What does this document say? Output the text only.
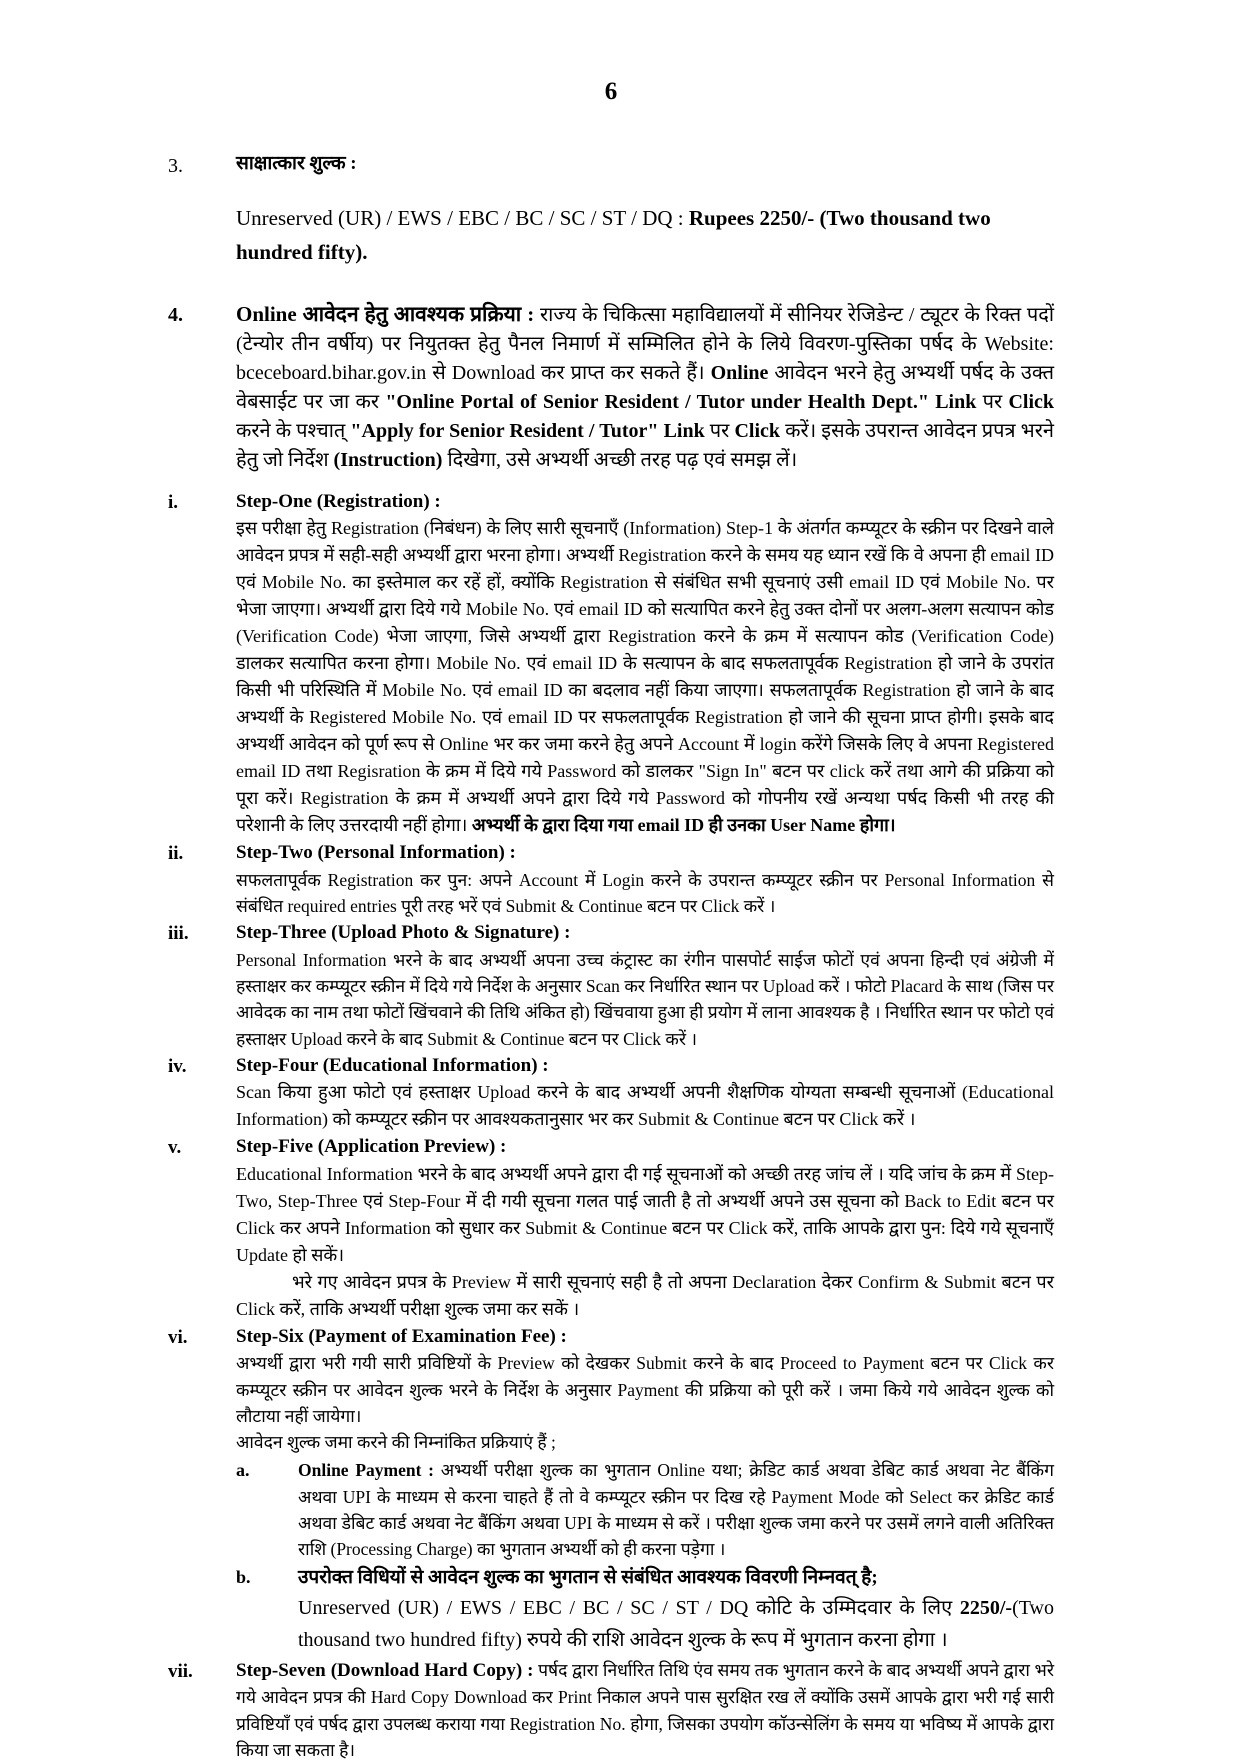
6
3.	साक्षात्कार शुल्क :

Unreserved (UR) / EWS / EBC / BC / SC / ST / DQ : Rupees 2250/- (Two thousand two hundred fifty).

4.	Online आवेदन हेतु आवश्यक प्रक्रिया : राज्य के चिकित्सा महाविद्यालयों में सीनियर रेजिडेन्ट / ट्यूटर के रिक्त पदों (टेन्योर तीन वर्षीय) पर नियुतक्त हेतु पैनल निमार्ण में सम्मिलित होने के लिये विवरण-पुस्तिका पर्षद के Website: bceceboard.bihar.gov.in से Download कर प्राप्त कर सकते हैं। Online आवेदन भरने हेतु अभ्यर्थी पर्षद के उक्त वेबसाईट पर जा कर "Online Portal of Senior Resident / Tutor under Health Dept." Link पर Click करने के पश्चात् "Apply for Senior Resident / Tutor" Link पर Click करें। इसके उपरान्त आवेदन प्रपत्र भरने हेतु जो निर्देश (Instruction) दिखेगा, उसे अभ्यर्थी अच्छी तरह पढ़ एवं समझ लें।

i.	Step-One (Registration) :

इस परीक्षा हेतु Registration (निबंधन) के लिए सारी सूचनाएँ (Information) Step-1 के अंतर्गत कम्प्यूटर के स्क्रीन पर दिखने वाले आवेदन प्रपत्र में सही-सही अभ्यर्थी द्वारा भरना होगा। अभ्यर्थी Registration करने के समय यह ध्यान रखें कि वे अपना ही email ID एवं Mobile No. का इस्तेमाल कर रहें हों, क्योंकि Registration से संबंधित सभी सूचनाएं उसी email ID एवं Mobile No. पर भेजा जाएगा। अभ्यर्थी द्वारा दिये गये Mobile No. एवं email ID को सत्यापित करने हेतु उक्त दोनों पर अलग-अलग सत्यापन कोड (Verification Code) भेजा जाएगा, जिसे अभ्यर्थी द्वारा Registration करने के क्रम में सत्यापन कोड (Verification Code) डालकर सत्यापित करना होगा। Mobile No. एवं email ID के सत्यापन के बाद सफलतापूर्वक Registration हो जाने के उपरांत किसी भी परिस्थिति में Mobile No. एवं email ID का बदलाव नहीं किया जाएगा। सफलतापूर्वक Registration हो जाने के बाद अभ्यर्थी के Registered Mobile No. एवं email ID पर सफलतापूर्वक Registration हो जाने की सूचना प्राप्त होगी। इसके बाद अभ्यर्थी आवेदन को पूर्ण रूप से Online भर कर जमा करने हेतु अपने Account में login करेंगे जिसके लिए वे अपना Registered email ID तथा Regisration के क्रम में दिये गये Password को डालकर "Sign In" बटन पर click करें तथा आगे की प्रक्रिया को पूरा करें। Registration के क्रम में अभ्यर्थी अपने द्वारा दिये गये Password को गोपनीय रखें अन्यथा पर्षद किसी भी तरह की परेशानी के लिए उत्तरदायी नहीं होगा। अभ्यर्थी के द्वारा दिया गया email ID ही उनका User Name होगा।

ii.	Step-Two (Personal Information) :

सफलतापूर्वक Registration कर पुन: अपने Account में Login करने के उपरान्त कम्प्यूटर स्क्रीन पर Personal Information से संबंधित required entries पूरी तरह भरें एवं Submit & Continue बटन पर Click करें ।

iii.	Step-Three (Upload Photo & Signature) :

Personal Information भरने के बाद अभ्यर्थी अपना उच्च कंट्रास्ट का रंगीन पासपोर्ट साईज फोटों एवं अपना हिन्दी एवं अंग्रेजी में हस्ताक्षर कर कम्प्यूटर स्क्रीन में दिये गये निर्देश के अनुसार Scan कर निर्धारित स्थान पर Upload करें । फोटो Placard के साथ (जिस पर आवेदक का नाम तथा फोटों खिंचवाने की तिथि अंकित हो) खिंचवाया हुआ ही प्रयोग में लाना आवश्यक है । निर्धारित स्थान पर फोटो एवं हस्ताक्षर Upload करने के बाद Submit & Continue बटन पर Click करें ।

iv.	Step-Four (Educational Information) :

Scan किया हुआ फोटो एवं हस्ताक्षर Upload करने के बाद अभ्यर्थी अपनी शैक्षणिक योग्यता सम्बन्धी सूचनाओं (Educational Information) को कम्प्यूटर स्क्रीन पर आवश्यकतानुसार भर कर Submit & Continue बटन पर Click करें ।

v.	Step-Five (Application Preview) :

Educational Information भरने के बाद अभ्यर्थी अपने द्वारा दी गई सूचनाओं को अच्छी तरह जांच लें । यदि जांच के क्रम में Step-Two, Step-Three एवं Step-Four में दी गयी सूचना गलत पाई जाती है तो अभ्यर्थी अपने उस सूचना को Back to Edit बटन पर Click कर अपने Information को सुधार कर Submit & Continue बटन पर Click करें, ताकि आपके द्वारा पुन: दिये गये सूचनाएँ Update हो सकें।

भरे गए आवेदन प्रपत्र के Preview में सारी सूचनाएं सही है तो अपना Declaration देकर Confirm & Submit बटन पर Click करें, ताकि अभ्यर्थी परीक्षा शुल्क जमा कर सकें ।

vi.	Step-Six (Payment of Examination Fee) :

अभ्यर्थी द्वारा भरी गयी सारी प्रविष्टियों के Preview को देखकर Submit करने के बाद Proceed to Payment बटन पर Click कर कम्प्यूटर स्क्रीन पर आवेदन शुल्क भरने के निर्देश के अनुसार Payment की प्रक्रिया को पूरी करें । जमा किये गये आवेदन शुल्क को लौटाया नहीं जायेगा।

आवेदन शुल्क जमा करने की निम्नांकित प्रक्रियाएं हैं ;

a.	Online Payment : अभ्यर्थी परीक्षा शुल्क का भुगतान Online यथा; क्रेडिट कार्ड अथवा डेबिट कार्ड अथवा नेट बैंकिंग अथवा UPI के माध्यम से करना चाहते हैं तो वे कम्प्यूटर स्क्रीन पर दिख रहे Payment Mode को Select कर क्रेडिट कार्ड अथवा डेबिट कार्ड अथवा नेट बैंकिंग अथवा UPI के माध्यम से करें । परीक्षा शुल्क जमा करने पर उसमें लगने वाली अतिरिक्त राशि (Processing Charge) का भुगतान अभ्यर्थी को ही करना पड़ेगा ।

b.	उपरोक्त विधियों से आवेदन शुल्क का भुगतान से संबंधित आवश्यक विवरणी निम्नवत् है;

Unreserved (UR) / EWS / EBC / BC / SC / ST / DQ कोटि के उम्मिदवार के लिए 2250/-(Two thousand two hundred fifty) रुपये की राशि आवेदन शुल्क के रूप में भुगतान करना होगा ।

vii.	Step-Seven (Download Hard Copy) : पर्षद द्वारा निर्धारित तिथि एंव समय तक भुगतान करने के बाद अभ्यर्थी अपने द्वारा भरे गये आवेदन प्रपत्र की Hard Copy Download कर Print निकाल अपने पास सुरक्षित रख लें क्योंकि उसमें आपके द्वारा भरी गई सारी प्रविष्टियाँ एवं पर्षद द्वारा उपलब्ध कराया गया Registration No. होगा, जिसका उपयोग काॅउन्सेलिंग के समय या भविष्य में आपके द्वारा किया जा सकता है।
